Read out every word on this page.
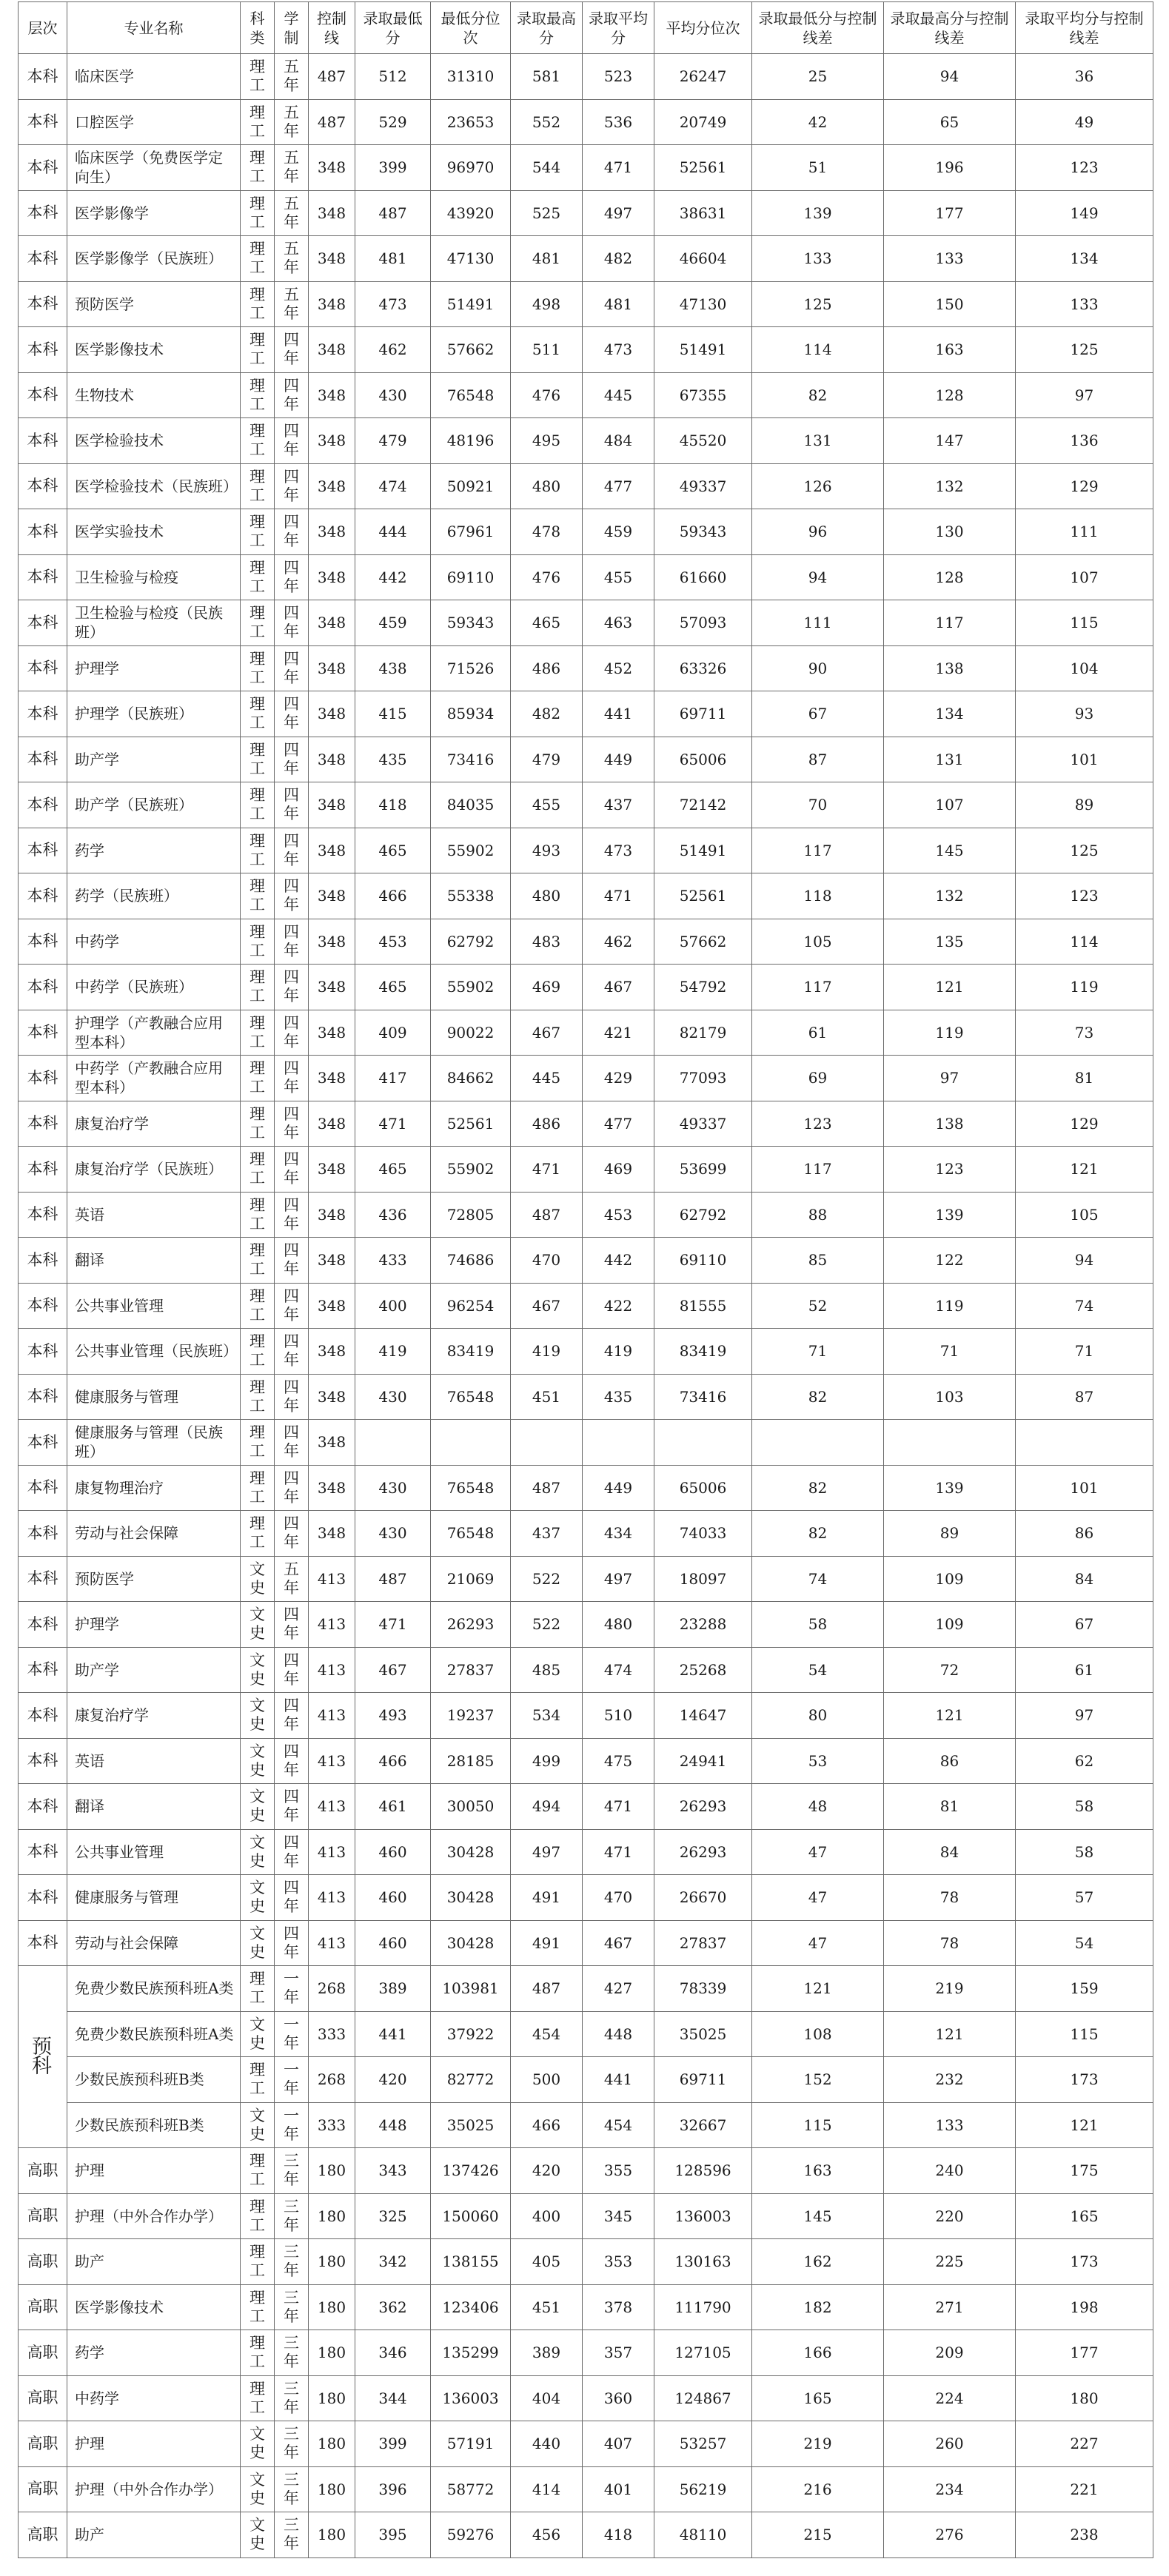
层次	专业名称	科类	学制	控制线	录取最低分	最低分位次	录取最高分	录取平均分	平均分位次	录取最低分与控制线差	录取最高分与控制线差	录取平均分与控制线差
本科	临床医学	理工	五年	487	512	31310	581	523	26247	25	94	36
本科	口腔医学	理工	五年	487	529	23653	552	536	20749	42	65	49
本科	临床医学（免费医学定向生）	理工	五年	348	399	96970	544	471	52561	51	196	123
本科	医学影像学	理工	五年	348	487	43920	525	497	38631	139	177	149
本科	医学影像学（民族班）	理工	五年	348	481	47130	481	482	46604	133	133	134
本科	预防医学	理工	五年	348	473	51491	498	481	47130	125	150	133
本科	医学影像技术	理工	四年	348	462	57662	511	473	51491	114	163	125
本科	生物技术	理工	四年	348	430	76548	476	445	67355	82	128	97
本科	医学检验技术	理工	四年	348	479	48196	495	484	45520	131	147	136
本科	医学检验技术（民族班）	理工	四年	348	474	50921	480	477	49337	126	132	129
本科	医学实验技术	理工	四年	348	444	67961	478	459	59343	96	130	111
本科	卫生检验与检疫	理工	四年	348	442	69110	476	455	61660	94	128	107
本科	卫生检验与检疫（民族班）	理工	四年	348	459	59343	465	463	57093	111	117	115
本科	护理学	理工	四年	348	438	71526	486	452	63326	90	138	104
本科	护理学（民族班）	理工	四年	348	415	85934	482	441	69711	67	134	93
本科	助产学	理工	四年	348	435	73416	479	449	65006	87	131	101
本科	助产学（民族班）	理工	四年	348	418	84035	455	437	72142	70	107	89
本科	药学	理工	四年	348	465	55902	493	473	51491	117	145	125
本科	药学（民族班）	理工	四年	348	466	55338	480	471	52561	118	132	123
本科	中药学	理工	四年	348	453	62792	483	462	57662	105	135	114
本科	中药学（民族班）	理工	四年	348	465	55902	469	467	54792	117	121	119
本科	护理学（产教融合应用型本科）	理工	四年	348	409	90022	467	421	82179	61	119	73
本科	中药学（产教融合应用型本科）	理工	四年	348	417	84662	445	429	77093	69	97	81
本科	康复治疗学	理工	四年	348	471	52561	486	477	49337	123	138	129
本科	康复治疗学（民族班）	理工	四年	348	465	55902	471	469	53699	117	123	121
本科	英语	理工	四年	348	436	72805	487	453	62792	88	139	105
本科	翻译	理工	四年	348	433	74686	470	442	69110	85	122	94
本科	公共事业管理	理工	四年	348	400	96254	467	422	81555	52	119	74
本科	公共事业管理（民族班）	理工	四年	348	419	83419	419	419	83419	71	71	71
本科	健康服务与管理	理工	四年	348	430	76548	451	435	73416	82	103	87
本科	健康服务与管理（民族班）	理工	四年	348								
本科	康复物理治疗	理工	四年	348	430	76548	487	449	65006	82	139	101
本科	劳动与社会保障	理工	四年	348	430	76548	437	434	74033	82	89	86
本科	预防医学	文史	五年	413	487	21069	522	497	18097	74	109	84
本科	护理学	文史	四年	413	471	26293	522	480	23288	58	109	67
本科	助产学	文史	四年	413	467	27837	485	474	25268	54	72	61
本科	康复治疗学	文史	四年	413	493	19237	534	510	14647	80	121	97
本科	英语	文史	四年	413	466	28185	499	475	24941	53	86	62
本科	翻译	文史	四年	413	461	30050	494	471	26293	48	81	58
本科	公共事业管理	文史	四年	413	460	30428	497	471	26293	47	84	58
本科	健康服务与管理	文史	四年	413	460	30428	491	470	26670	47	78	57
本科	劳动与社会保障	文史	四年	413	460	30428	491	467	27837	47	78	54
预科	免费少数民族预科班A类	理工	一年	268	389	103981	487	427	78339	121	219	159
	免费少数民族预科班A类	文史	一年	333	441	37922	454	448	35025	108	121	115
	少数民族预科班B类	理工	一年	268	420	82772	500	441	69711	152	232	173
	少数民族预科班B类	文史	一年	333	448	35025	466	454	32667	115	133	121
高职	护理	理工	三年	180	343	137426	420	355	128596	163	240	175
高职	护理（中外合作办学）	理工	三年	180	325	150060	400	345	136003	145	220	165
高职	助产	理工	三年	180	342	138155	405	353	130163	162	225	173
高职	医学影像技术	理工	三年	180	362	123406	451	378	111790	182	271	198
高职	药学	理工	三年	180	346	135299	389	357	127105	166	209	177
高职	中药学	理工	三年	180	344	136003	404	360	124867	165	224	180
高职	护理	文史	三年	180	399	57191	440	407	53257	219	260	227
高职	护理（中外合作办学）	文史	三年	180	396	58772	414	401	56219	216	234	221
高职	助产	文史	三年	180	395	59276	456	418	48110	215	276	238
